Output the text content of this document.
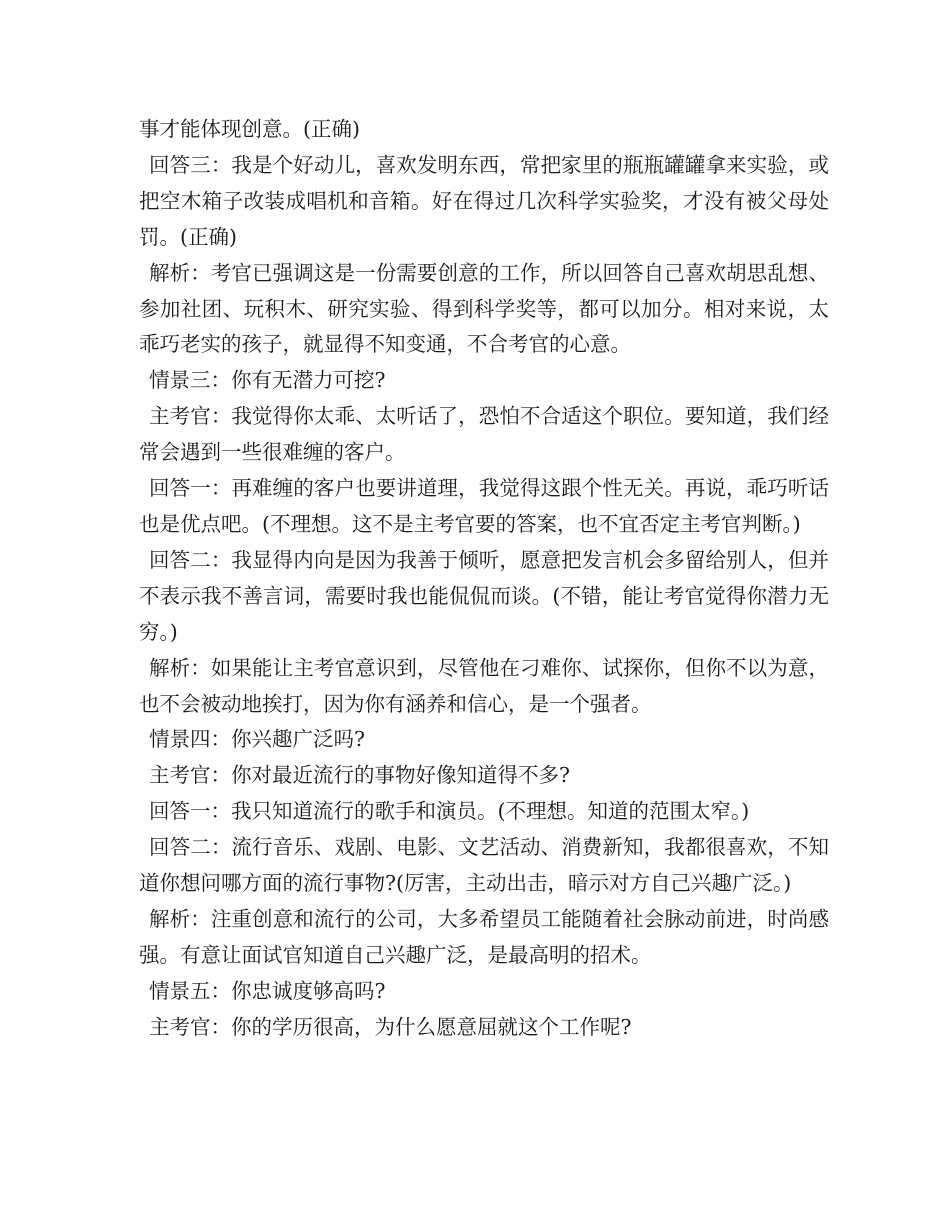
事才能体现创意。(正确)

回答三：我是个好动儿，喜欢发明东西，常把家里的瓶瓶罐罐拿来实验，或把空木箱子改装成唱机和音箱。好在得过几次科学实验奖，才没有被父母处罚。(正确)

解析：考官已强调这是一份需要创意的工作，所以回答自己喜欢胡思乱想、参加社团、玩积木、研究实验、得到科学奖等，都可以加分。相对来说，太乖巧老实的孩子，就显得不知变通，不合考官的心意。

情景三：你有无潜力可挖?

主考官：我觉得你太乖、太听话了，恐怕不合适这个职位。要知道，我们经常会遇到一些很难缠的客户。

回答一：再难缠的客户也要讲道理，我觉得这跟个性无关。再说，乖巧听话也是优点吧。(不理想。这不是主考官要的答案，也不宜否定主考官判断。)

回答二：我显得内向是因为我善于倾听，愿意把发言机会多留给别人，但并不表示我不善言词，需要时我也能侃侃而谈。(不错，能让考官觉得你潜力无穷。)

解析：如果能让主考官意识到，尽管他在刁难你、试探你，但你不以为意，也不会被动地挨打，因为你有涵养和信心，是一个强者。

情景四：你兴趣广泛吗?

主考官：你对最近流行的事物好像知道得不多?

回答一：我只知道流行的歌手和演员。(不理想。知道的范围太窄。)

回答二：流行音乐、戏剧、电影、文艺活动、消费新知，我都很喜欢，不知道你想问哪方面的流行事物?(厉害，主动出击，暗示对方自己兴趣广泛。)

解析：注重创意和流行的公司，大多希望员工能随着社会脉动前进，时尚感强。有意让面试官知道自己兴趣广泛，是最高明的招术。

情景五：你忠诚度够高吗?

主考官：你的学历很高，为什么愿意屈就这个工作呢?
